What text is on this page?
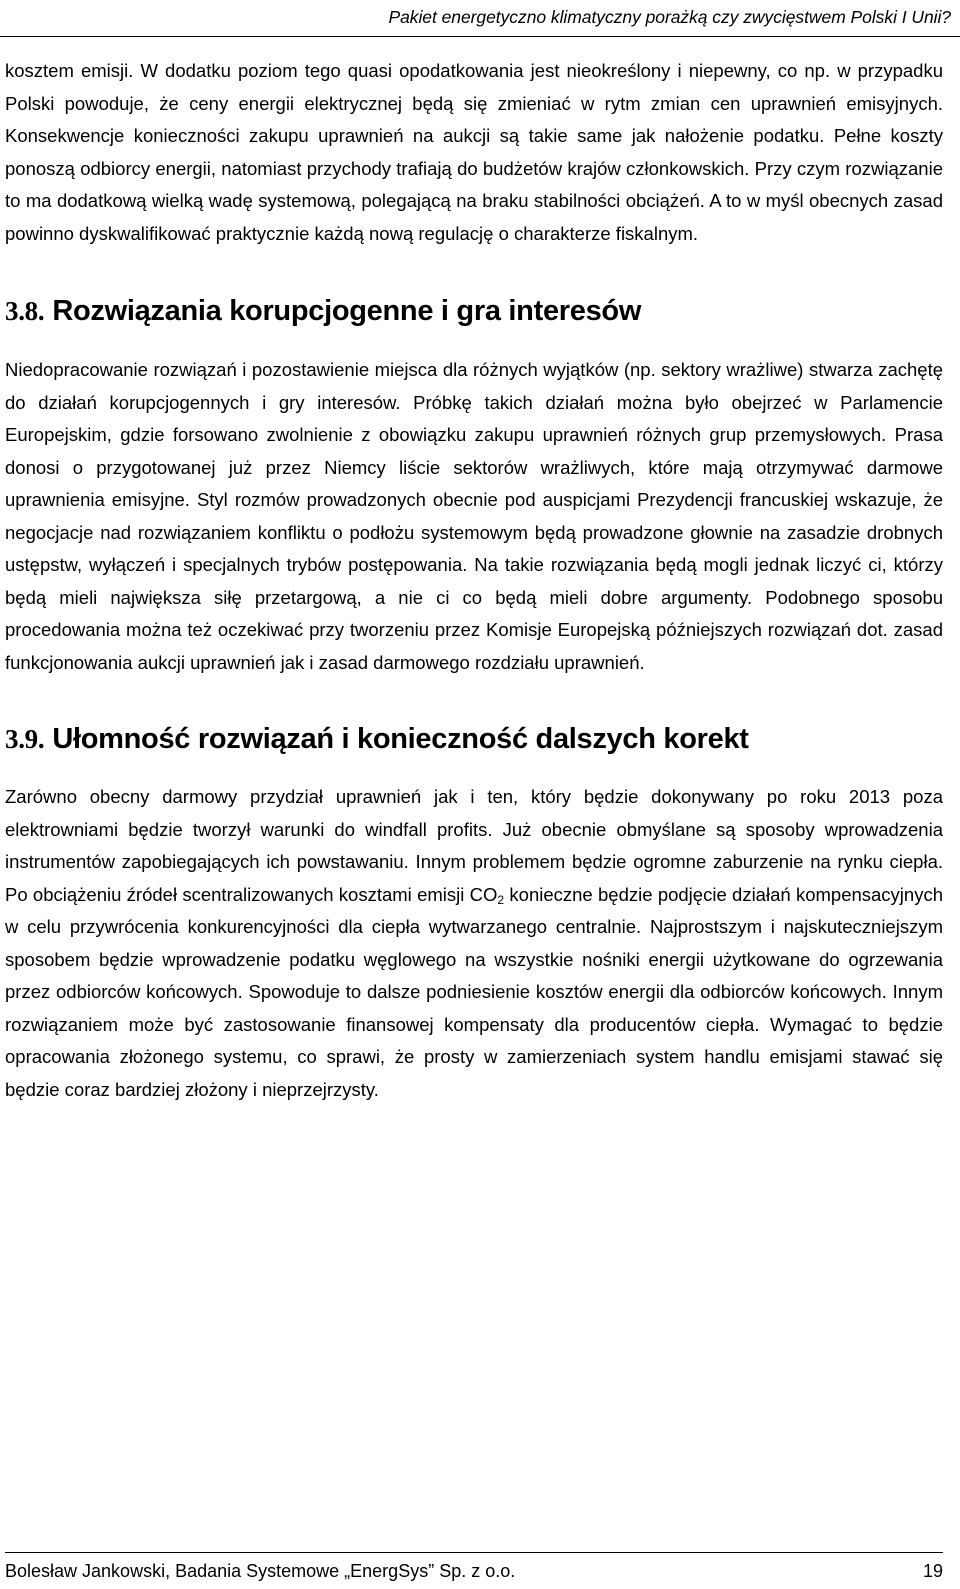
Pakiet energetyczno klimatyczny porażką czy zwycięstwem Polski I Unii?

kosztem emisji. W dodatku poziom tego quasi opodatkowania jest nieokreślony i niepewny, co np. w przypadku Polski powoduje, że ceny energii elektrycznej będą się zmieniać w rytm zmian cen uprawnień emisyjnych. Konsekwencje konieczności zakupu uprawnień na aukcji są takie same jak nałożenie podatku. Pełne koszty ponoszą odbiorcy energii, natomiast przychody trafiają do budżetów krajów członkowskich. Przy czym rozwiązanie to ma dodatkową wielką wadę systemową, polegającą na braku stabilności obciążeń. A to w myśl obecnych zasad powinno dyskwalifikować praktycznie każdą nową regulację o charakterze fiskalnym.

3.8. Rozwiązania korupcjogenne i gra interesów

Niedopracowanie rozwiązań i pozostawienie miejsca dla różnych wyjątków (np. sektory wrażliwe) stwarza zachętę do działań korupcjogennych i gry interesów. Próbkę takich działań można było obejrzeć w Parlamencie Europejskim, gdzie forsowano zwolnienie z obowiązku zakupu uprawnień różnych grup przemysłowych. Prasa donosi o przygotowanej już przez Niemcy liście sektorów wrażliwych, które mają otrzymywać darmowe uprawnienia emisyjne. Styl rozmów prowadzonych obecnie pod auspicjami Prezydencji francuskiej wskazuje, że negocjacje nad rozwiązaniem konfliktu o podłożu systemowym będą prowadzone głownie na zasadzie drobnych ustępstw, wyłączeń i specjalnych trybów postępowania. Na takie rozwiązania będą mogli jednak liczyć ci, którzy będą mieli największa siłę przetargową, a nie ci co będą mieli dobre argumenty. Podobnego sposobu procedowania można też oczekiwać przy tworzeniu przez Komisje Europejską późniejszych rozwiązań dot. zasad funkcjonowania aukcji uprawnień jak i zasad darmowego rozdziału uprawnień.

3.9. Ułomność rozwiązań i konieczność dalszych korekt

Zarówno obecny darmowy przydział uprawnień jak i ten, który będzie dokonywany po roku 2013 poza elektrowniami będzie tworzył warunki do windfall profits. Już obecnie obmyślane są sposoby wprowadzenia instrumentów zapobiegających ich powstawaniu. Innym problemem będzie ogromne zaburzenie na rynku ciepła. Po obciążeniu źródeł scentralizowanych kosztami emisji $CO_2$ konieczne będzie podjęcie działań kompensacyjnych w celu przywrócenia konkurencyjności dla ciepła wytwarzanego centralnie. Najprostszym i najskuteczniejszym sposobem będzie wprowadzenie podatku węglowego na wszystkie nośniki energii użytkowane do ogrzewania przez odbiorców końcowych. Spowoduje to dalsze podniesienie kosztów energii dla odbiorców końcowych. Innym rozwiązaniem może być zastosowanie finansowej kompensaty dla producentów ciepła. Wymagać to będzie opracowania złożonego systemu, co sprawi, że prosty w zamierzeniach system handlu emisjami stawać się będzie coraz bardziej złożony i nieprzejrzysty.

Bolesław Jankowski, Badania Systemowe „EnergSys” Sp. z o.o.	19
